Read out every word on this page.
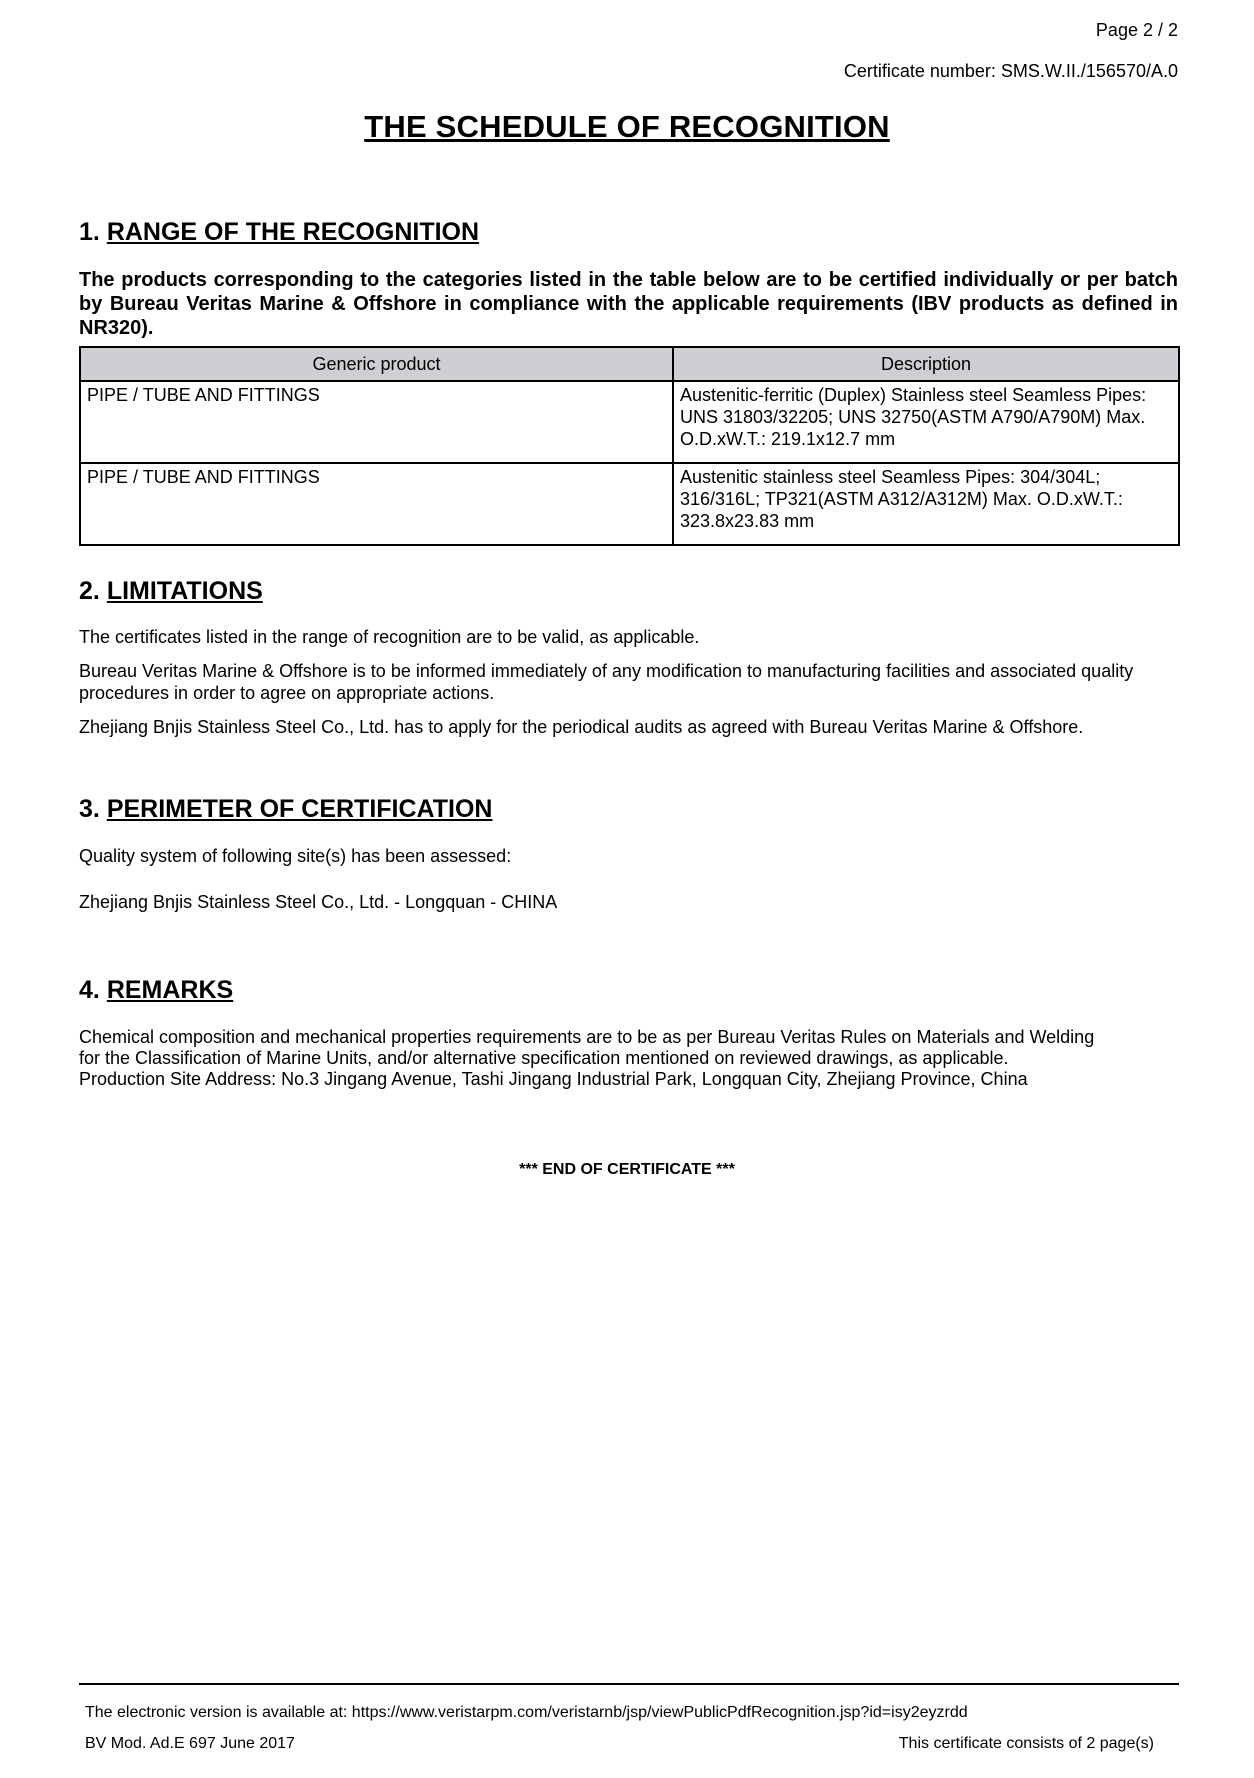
Page 2 / 2
Certificate number: SMS.W.II./156570/A.0
THE SCHEDULE OF RECOGNITION
1. RANGE OF THE RECOGNITION
The products corresponding to the categories listed in the table below are to be certified individually or per batch by Bureau Veritas Marine & Offshore in compliance with the applicable requirements (IBV products as defined in NR320).
Generic product	Description
PIPE / TUBE AND FITTINGS	Austenitic-ferritic (Duplex) Stainless steel Seamless Pipes: UNS 31803/32205; UNS 32750(ASTM A790/A790M) Max. O.D.xW.T.: 219.1x12.7 mm
PIPE / TUBE AND FITTINGS	Austenitic stainless steel Seamless Pipes: 304/304L; 316/316L; TP321(ASTM A312/A312M) Max. O.D.xW.T.: 323.8x23.83 mm
2. LIMITATIONS
The certificates listed in the range of recognition are to be valid, as applicable.
Bureau Veritas Marine & Offshore is to be informed immediately of any modification to manufacturing facilities and associated quality procedures in order to agree on appropriate actions.
Zhejiang Bnjis Stainless Steel Co., Ltd. has to apply for the periodical audits as agreed with Bureau Veritas Marine & Offshore.
3. PERIMETER OF CERTIFICATION
Quality system of following site(s) has been assessed:
Zhejiang Bnjis Stainless Steel Co., Ltd. - Longquan - CHINA
4. REMARKS
Chemical composition and mechanical properties requirements are to be as per Bureau Veritas Rules on Materials and Welding
for the Classification of Marine Units, and/or alternative specification mentioned on reviewed drawings, as applicable.
Production Site Address: No.3 Jingang Avenue, Tashi Jingang Industrial Park, Longquan City, Zhejiang Province, China
*** END OF CERTIFICATE ***
The electronic version is available at: https://www.veristarpm.com/veristarnb/jsp/viewPublicPdfRecognition.jsp?id=isy2eyzrdd
BV Mod. Ad.E 697 June 2017	This certificate consists of 2 page(s)
